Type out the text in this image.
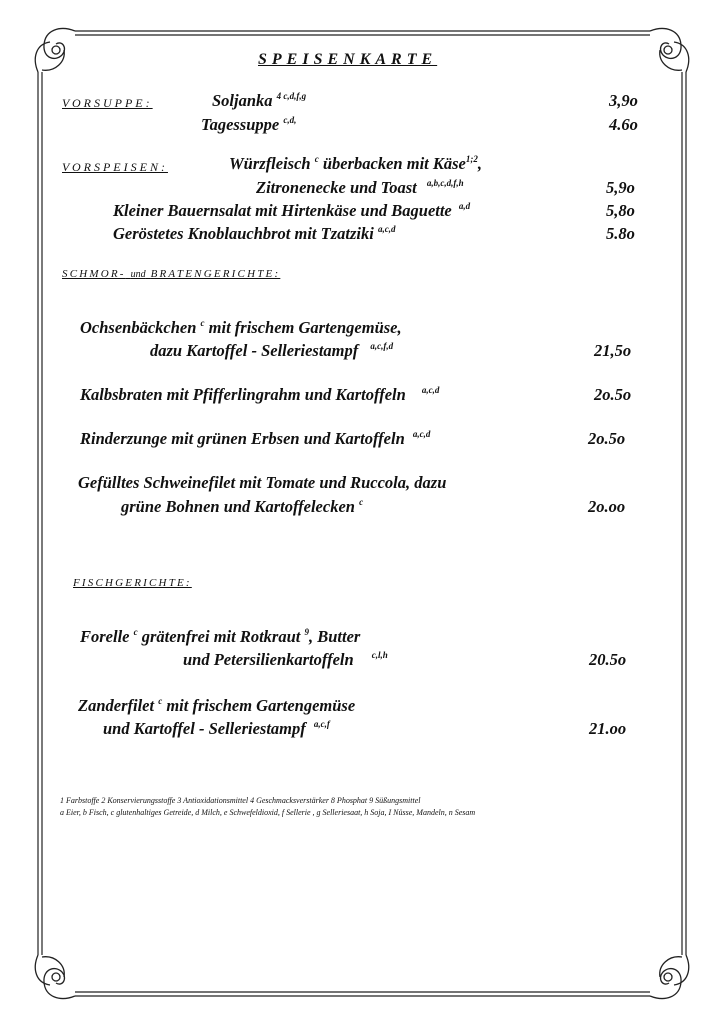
SPEISENKARTE
VORSUPPE:	Soljanka $^{4 c,d,f,g}$	3,9o
Tagessuppe $^{c,d,}$	4.6o
VORSPEISEN:	Würzfleisch $^c$ überbacken mit Käse$^{1;2}$,
Zitronenecke und Toast $^{a,b,c,d,f,h}$	5,9o
Kleiner Bauernsalat mit Hirtenkäse und Baguette $^{a,d}$	5,8o
Geröstetes Knoblauchbrot mit Tzatziki $^{a,c,d}$	5.8o
SCHMOR- und BRATENGERICHTE:
Ochsenbäckchen $^c$ mit frischem Gartengemüse,
dazu Kartoffel - Selleriestampf $^{a,c,f,d}$	21,5o
Kalbsbraten mit Pfifferlingrahm und Kartoffeln $^{a,c,d}$	2o.5o
Rinderzunge mit grünen Erbsen und Kartoffeln $^{a,c,d}$	2o.5o
Gefülltes Schweinefilet mit Tomate und Ruccola, dazu
grüne Bohnen und Kartoffelecken $^c$	2o.oo
FISCHGERICHTE:
Forelle $^c$ grätenfrei mit Rotkraut $^9$, Butter
und Petersilienkartoffeln $^{c,l,h}$	20.5o
Zanderfilet $^c$ mit frischem Gartengemüse
und Kartoffel - Selleriestampf $^{a,c,f}$	21.oo
1 Farbstoffe 2 Konservierungsstoffe 3 Antioxidationsmittel 4 Geschmacksverstärker 8 Phosphat 9 Süßungsmittel
a Eier, b Fisch, c glutenhaltiges Getreide, d Milch, e Schwefeldioxid, f Sellerie , g Selleriesaat, h Soja, I Nüsse, Mandeln, n Sesam
